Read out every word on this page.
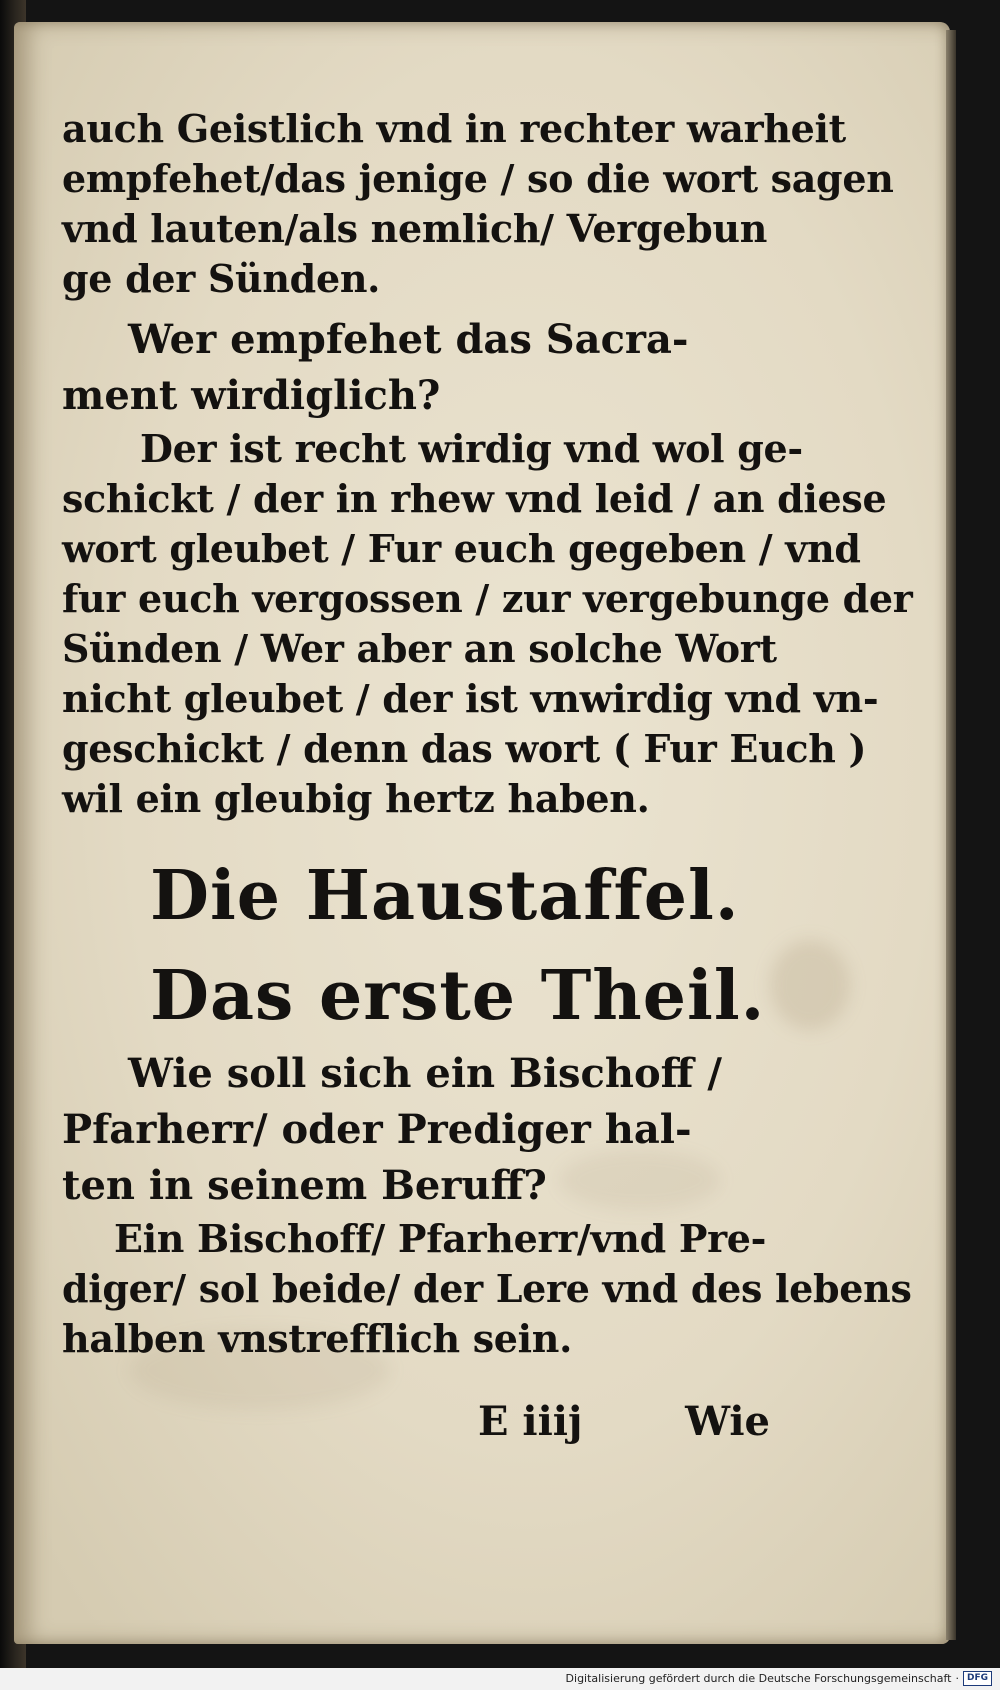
auch Geistlich vnd in rechter warheit
empfehet/das jenige / so die wort sagen
vnd lauten/als nemlich/ Vergebun
ge der Sünden.
Wer empfehet das Sacra-
ment wirdiglich?
Der ist recht wirdig vnd wol ge-
schickt / der in rhew vnd leid / an diese
wort gleubet / Fur euch gegeben / vnd
fur euch vergossen / zur vergebunge der
Sünden / Wer aber an solche Wort
nicht gleubet / der ist vnwirdig vnd vn-
geschickt / denn das wort ( Fur Euch )
wil ein gleubig hertz haben.
Die Haustaffel.
Das erste Theil.
Wie soll sich ein Bischoff /
Pfarherr/ oder Prediger hal-
ten in seinem Beruff?
Ein Bischoff/ Pfarherr/vnd Pre-
diger/ sol beide/ der Lere vnd des lebens
halben vnstrefflich sein.
E iiij	Wie
Digitalisierung gefördert durch die Deutsche Forschungsgemeinschaft · DFG
